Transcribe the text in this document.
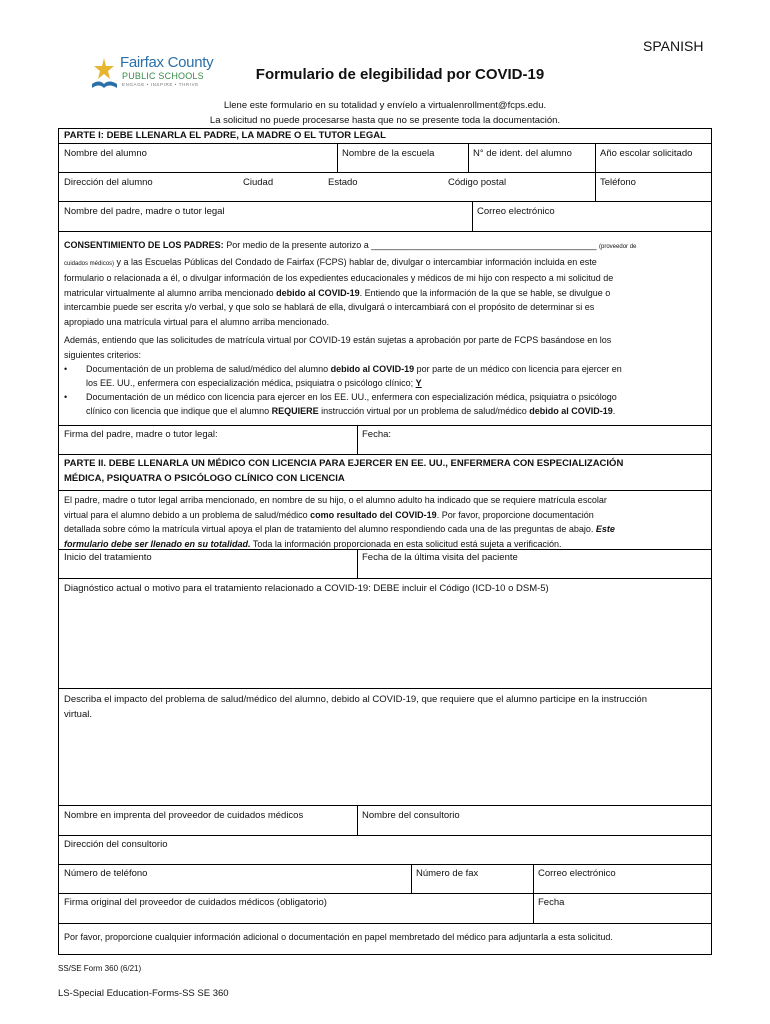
SPANISH
Fairfax County
PUBLIC SCHOOLS
ENGAGE • INSPIRE • THRIVE
Formulario de elegibilidad por COVID-19
Llene este formulario en su totalidad y envíelo a virtualenrollment@fcps.edu.
La solicitud no puede procesarse hasta que no se presente toda la documentación.
PARTE I: DEBE LLENARLA EL PADRE, LA MADRE O EL TUTOR LEGAL
Nombre del alumno	Nombre de la escuela	N° de ident. del alumno	Año escolar solicitado
Dirección del alumno	Ciudad	Estado	Código postal	Teléfono
Nombre del padre, madre o tutor legal	Correo electrónico
CONSENTIMIENTO DE LOS PADRES: Por medio de la presente autorizo a _____________________________________________ (proveedor de
cuidados médicos) y a las Escuelas Públicas del Condado de Fairfax (FCPS) hablar de, divulgar o intercambiar información incluida en este
formulario o relacionada a él, o divulgar información de los expedientes educacionales y médicos de mi hijo con respecto a mi solicitud de
matricular virtualmente al alumno arriba mencionado debido al COVID-19. Entiendo que la información de la que se hable, se divulgue o
intercambie puede ser escrita y/o verbal, y que solo se hablará de ella, divulgará o intercambiará con el propósito de determinar si es
apropiado una matrícula virtual para el alumno arriba mencionado.
Además, entiendo que las solicitudes de matrícula virtual por COVID-19 están sujetas a aprobación por parte de FCPS basándose en los
siguientes criterios:
• Documentación de un problema de salud/médico del alumno debido al COVID-19 por parte de un médico con licencia para ejercer en
los EE. UU., enfermera con especialización médica, psiquiatra o psicólogo clínico; Y
• Documentación de un médico con licencia para ejercer en los EE. UU., enfermera con especialización médica, psiquiatra o psicólogo
clínico con licencia que indique que el alumno REQUIERE instrucción virtual por un problema de salud/médico debido al COVID-19.
Firma del padre, madre o tutor legal:	Fecha:
PARTE II. DEBE LLENARLA UN MÉDICO CON LICENCIA PARA EJERCER EN EE. UU., ENFERMERA CON ESPECIALIZACIÓN
MÉDICA, PSIQUATRA O PSICÓLOGO CLÍNICO CON LICENCIA
El padre, madre o tutor legal arriba mencionado, en nombre de su hijo, o el alumno adulto ha indicado que se requiere matrícula escolar
virtual para el alumno debido a un problema de salud/médico como resultado del COVID-19. Por favor, proporcione documentación
detallada sobre cómo la matrícula virtual apoya el plan de tratamiento del alumno respondiendo cada una de las preguntas de abajo. Este
formulario debe ser llenado en su totalidad. Toda la información proporcionada en esta solicitud está sujeta a verificación.
Inicio del tratamiento	Fecha de la última visita del paciente
Diagnóstico actual o motivo para el tratamiento relacionado a COVID-19: DEBE incluir el Código (ICD-10 o DSM-5)
Describa el impacto del problema de salud/médico del alumno, debido al COVID-19, que requiere que el alumno participe en la instrucción
virtual.
Nombre en imprenta del proveedor de cuidados médicos	Nombre del consultorio
Dirección del consultorio
Número de teléfono	Número de fax	Correo electrónico
Firma original del proveedor de cuidados médicos (obligatorio)	Fecha
Por favor, proporcione cualquier información adicional o documentación en papel membretado del médico para adjuntarla a esta solicitud.
SS/SE Form 360 (6/21)
LS-Special Education-Forms-SS SE 360
